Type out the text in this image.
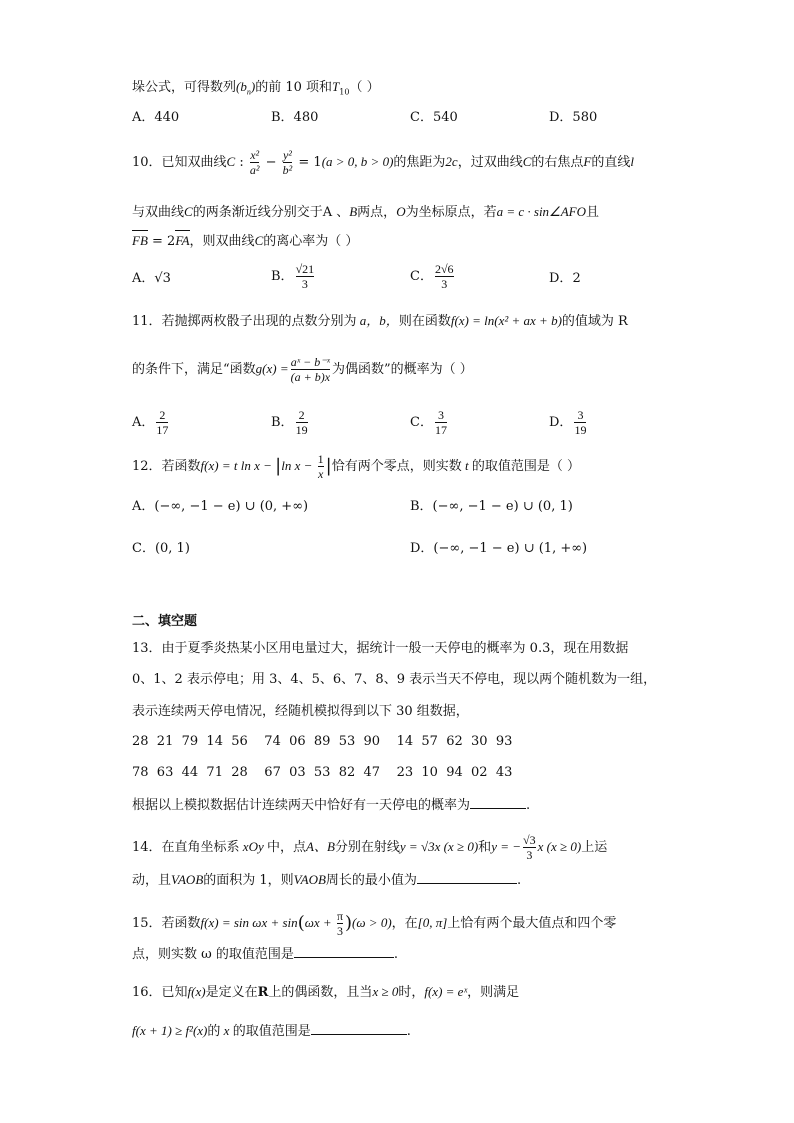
垛公式，可得数列$(b_n)$的前 10 项和$T_{10}$（ ）
A．440	B．480	C．540	D．580
10．已知双曲线C : $\frac{\text{x²}}{\text{a²}} - \frac{\text{y²}}{\text{b²}} = 1(a > 0$, b > 0)的焦距为2c，过双曲线C的右焦点F的直线l
与双曲线C的两条渐近线分别交于A 、B两点，O为坐标原点，若a = c · sin∠AFO且
FB = 2FA，则双曲线C的离心率为（ ）
A．√3	B． $\frac{√21}{3}$	C． $\frac{2√6}{3}$	D．2
11．若抛掷两枚骰子出现的点数分别为 a，b，则在函数f(x) = ln(x² + ax + b)的值域为 R
的条件下，满足“函数$g(x) = \frac{\text{aˣ − b⁻ˣ}}{(a + b)x}$ 为偶函数”的概率为（ ）
A． $\frac{2}{17}$	B． $\frac{2}{19}$	C． $\frac{3}{17}$	D． $\frac{3}{19}$
12．若函数f(x) = t ln x − |ln $x - \frac{1}{x}$ |恰有两个零点，则实数 t 的取值范围是（ ）
A．(−∞, −1 − e) ∪ (0, +∞)	B．(−∞, −1 − e) ∪ (0, 1)
C．(0, 1)	D．(−∞, −1 − e) ∪ (1, +∞)
二、填空题
13．由于夏季炎热某小区用电量过大，据统计一般一天停电的概率为 0.3，现在用数据
0、1、2 表示停电；用 3、4、5、6、7、8、9 表示当天不停电，现以两个随机数为一组，
表示连续两天停电情况，经随机模拟得到以下 30 组数据，
28  21  79  14  56    74  06  89  53  90    14  57  62  30  93
78  63  44  71  28    67  03  53  82  47    23  10  94  02  43
根据以上模拟数据估计连续两天中恰好有一天停电的概率为	.
14．在直角坐标系 xOy 中，点A、B分别在射线y = √3x (x ≥ 0)和y = − $\frac{√3}{3}$ x (x ≥ 0)上运
动，且VAOB的面积为 1，则VAOB周长的最小值为	.
15．若函数$f(x) = \sin \omega x + \sin(\omega x + \frac{\pi}{3} )(\omega > 0)$，在[0, π]上恰有两个最大值点和四个零
点，则实数 ω 的取值范围是	.
16．已知f(x)是定义在R上的偶函数，且当x ≥ 0时，f(x) = eˣ，则满足
f(x + 1) ≥ f²(x)的 x 的取值范围是	.
